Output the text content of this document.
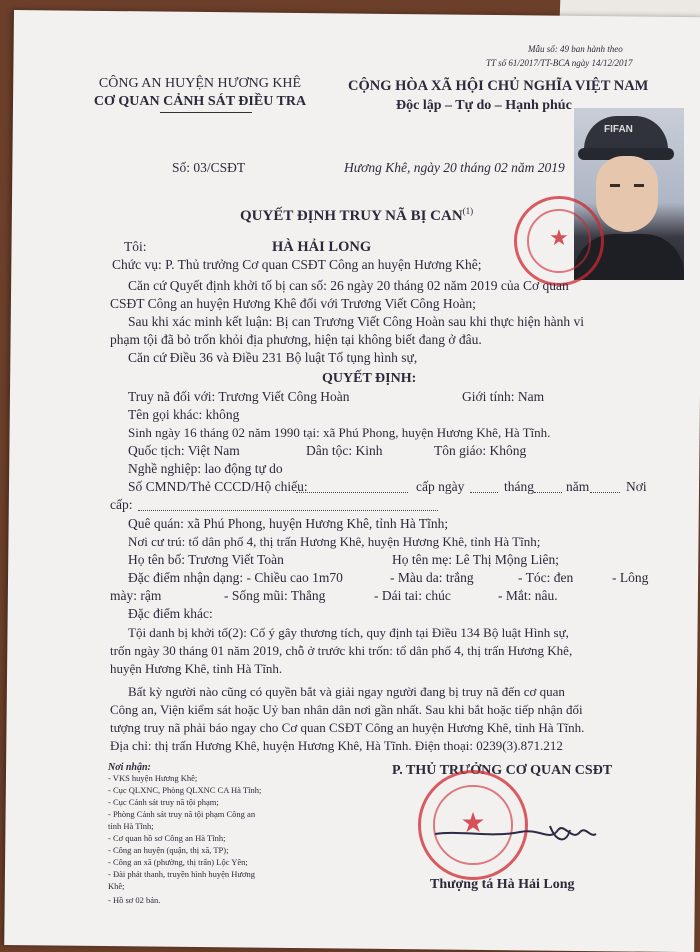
Mẫu số: 49 ban hành theo
TT số 61/2017/TT-BCA ngày 14/12/2017
CÔNG AN HUYỆN HƯƠNG KHÊ
CƠ QUAN CẢNH SÁT ĐIỀU TRA
CỘNG HÒA XÃ HỘI CHỦ NGHĨA VIỆT NAM
Độc lập – Tự do – Hạnh phúc
FIFAN
Số: 03/CSĐT	Hương Khê, ngày 20 tháng 02 năm 2019
★
QUYẾT ĐỊNH TRUY NÃ BỊ CAN$^{(1)}$
Tôi:	HÀ HẢI LONG
Chức vụ: P. Thủ trưởng Cơ quan CSĐT Công an huyện Hương Khê;
Căn cứ Quyết định khởi tố bị can số: 26 ngày 20 tháng 02 năm 2019 của Cơ quan
CSĐT Công an huyện Hương Khê đối với Trương Viết Công Hoàn;
Sau khi xác minh kết luận: Bị can Trương Viết Công Hoàn sau khi thực hiện hành vi
phạm tội đã bỏ trốn khỏi địa phương, hiện tại không biết đang ở đâu.
Căn cứ Điều 36 và Điều 231 Bộ luật Tố tụng hình sự,
QUYẾT ĐỊNH:
Truy nã đối với: Trương Viết Công Hoàn	Giới tính: Nam
Tên gọi khác: không
Sinh ngày 16 tháng 02 năm 1990 tại: xã Phú Phong, huyện Hương Khê, Hà Tĩnh.
Quốc tịch: Việt Nam	Dân tộc: Kinh	Tôn giáo: Không
Nghề nghiệp: lao động tự do
Số CMND/Thẻ CCCD/Hộ chiếu:	cấp ngày	tháng năm	Nơi
cấp:
Quê quán: xã Phú Phong, huyện Hương Khê, tỉnh Hà Tĩnh;
Nơi cư trú: tổ dân phố 4, thị trấn Hương Khê, huyện Hương Khê, tỉnh Hà Tĩnh;
Họ tên bố: Trương Viết Toàn	Họ tên mẹ: Lê Thị Mộng Liên;
Đặc điểm nhận dạng: - Chiều cao 1m70	- Màu da: trắng	- Tóc: đen	- Lông
mày: rậm	- Sống mũi: Thẳng	- Dái tai: chúc	- Mắt: nâu.
Đặc điểm khác:
Tội danh bị khởi tố(2): Cố ý gây thương tích, quy định tại Điều 134 Bộ luật Hình sự,
trốn ngày 30 tháng 01 năm 2019, chỗ ở trước khi trốn: tổ dân phố 4, thị trấn Hương Khê,
huyện Hương Khê, tỉnh Hà Tĩnh.
Bất kỳ người nào cũng có quyền bắt và giải ngay người đang bị truy nã đến cơ quan
Công an, Viện kiểm sát hoặc Uỷ ban nhân dân nơi gần nhất. Sau khi bắt hoặc tiếp nhận đối
tượng truy nã phải báo ngay cho Cơ quan CSĐT Công an huyện Hương Khê, tỉnh Hà Tĩnh.
Địa chỉ: thị trấn Hương Khê, huyện Hương Khê, Hà Tĩnh. Điện thoại: 0239(3).871.212
Nơi nhận:
- VKS huyện Hương Khê;
- Cục QLXNC, Phòng QLXNC CA Hà Tĩnh;
- Cục Cảnh sát truy nã tội phạm;
- Phòng Cảnh sát truy nã tội phạm Công an
tỉnh Hà Tĩnh;
- Cơ quan hồ sơ Công an Hà Tĩnh;
- Công an huyện (quận, thị xã, TP);
- Công an xã (phường, thị trấn) Lộc Yên;
- Đài phát thanh, truyền hình huyện Hương
Khê;
- Hồ sơ 02 bản.
P. THỦ TRƯỞNG CƠ QUAN CSĐT
★
Thượng tá Hà Hải Long
